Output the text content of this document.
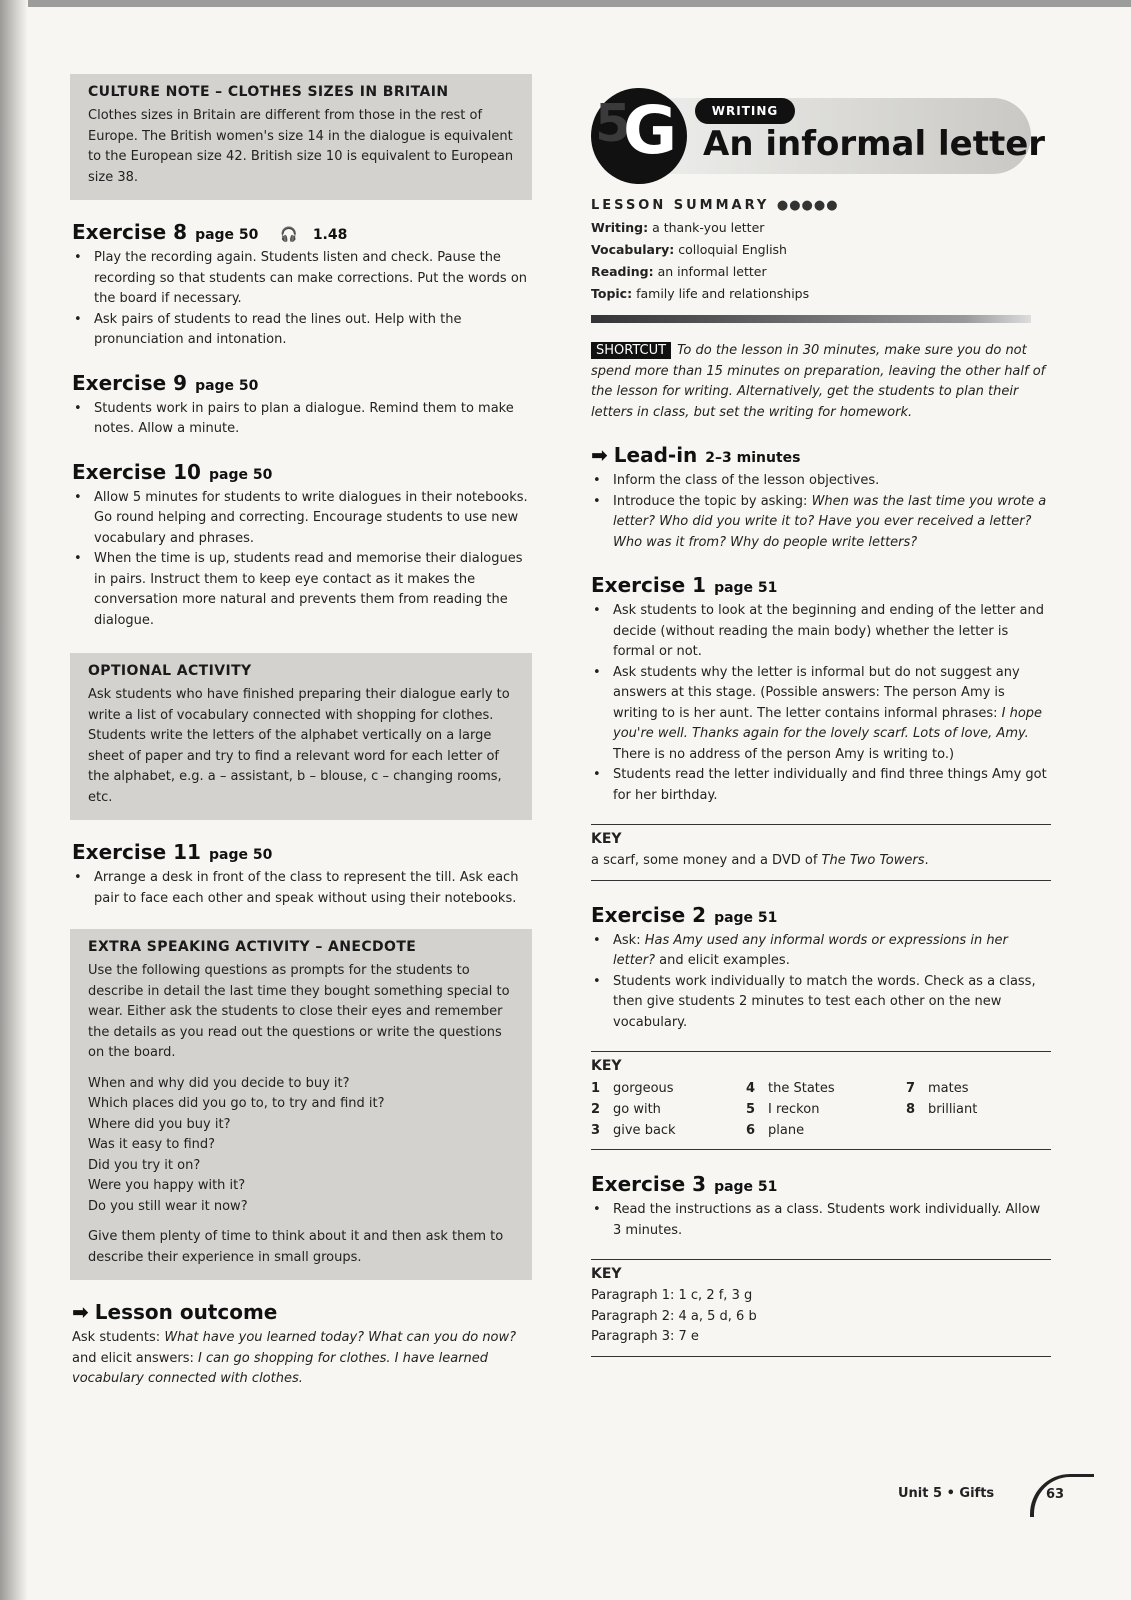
CULTURE NOTE – CLOTHES SIZES IN BRITAIN

Clothes sizes in Britain are different from those in the rest of Europe. The British women's size 14 in the dialogue is equivalent to the European size 42. British size 10 is equivalent to European size 38.

Exercise 8 page 50 🎧 1.48
• Play the recording again. Students listen and check. Pause the recording so that students can make corrections. Put the words on the board if necessary.
• Ask pairs of students to read the lines out. Help with the pronunciation and intonation.
Exercise 9 page 50
• Students work in pairs to plan a dialogue. Remind them to make notes. Allow a minute.
Exercise 10 page 50
• Allow 5 minutes for students to write dialogues in their notebooks. Go round helping and correcting. Encourage students to use new vocabulary and phrases.
• When the time is up, students read and memorise their dialogues in pairs. Instruct them to keep eye contact as it makes the conversation more natural and prevents them from reading the dialogue.
OPTIONAL ACTIVITY

Ask students who have finished preparing their dialogue early to write a list of vocabulary connected with shopping for clothes. Students write the letters of the alphabet vertically on a large sheet of paper and try to find a relevant word for each letter of the alphabet, e.g. a – assistant, b – blouse, c – changing rooms, etc.

Exercise 11 page 50
• Arrange a desk in front of the class to represent the till. Ask each pair to face each other and speak without using their notebooks.
EXTRA SPEAKING ACTIVITY – ANECDOTE

Use the following questions as prompts for the students to describe in detail the last time they bought something special to wear. Either ask the students to close their eyes and remember the details as you read out the questions or write the questions on the board.

When and why did you decide to buy it?
Which places did you go to, to try and find it?
Where did you buy it?
Was it easy to find?
Did you try it on?
Were you happy with it?
Do you still wear it now?

Give them plenty of time to think about it and then ask them to describe their experience in small groups.

➡ Lesson outcome

Ask students: What have you learned today? What can you do now? and elicit answers: I can go shopping for clothes. I have learned vocabulary connected with clothes.

5
G	WRITING
An informal letter
LESSON SUMMARY ●●●●●
Writing: a thank-you letter
Vocabulary: colloquial English
Reading: an informal letter
Topic: family life and relationships

SHORTCUT To do the lesson in 30 minutes, make sure you do not spend more than 15 minutes on preparation, leaving the other half of the lesson for writing. Alternatively, get the students to plan their letters in class, but set the writing for homework.

➡ Lead-in 2–3 minutes
• Inform the class of the lesson objectives.
• Introduce the topic by asking: When was the last time you wrote a letter? Who did you write it to? Have you ever received a letter? Who was it from? Why do people write letters?
Exercise 1 page 51
• Ask students to look at the beginning and ending of the letter and decide (without reading the main body) whether the letter is formal or not.
• Ask students why the letter is informal but do not suggest any answers at this stage. (Possible answers: The person Amy is writing to is her aunt. The letter contains informal phrases: I hope you're well. Thanks again for the lovely scarf. Lots of love, Amy. There is no address of the person Amy is writing to.)
• Students read the letter individually and find three things Amy got for her birthday.
KEY

a scarf, some money and a DVD of The Two Towers.

Exercise 2 page 51
• Ask: Has Amy used any informal words or expressions in her letter? and elicit examples.
• Students work individually to match the words. Check as a class, then give students 2 minutes to test each other on the new vocabulary.
KEY
1 gorgeous	4 the States	7 mates
2 go with	5 I reckon	8 brilliant
3 give back	6 plane
Exercise 3 page 51
• Read the instructions as a class. Students work individually. Allow 3 minutes.
KEY

Paragraph 1: 1 c, 2 f, 3 g

Paragraph 2: 4 a, 5 d, 6 b

Paragraph 3: 7 e

Unit 5 • Gifts	63
